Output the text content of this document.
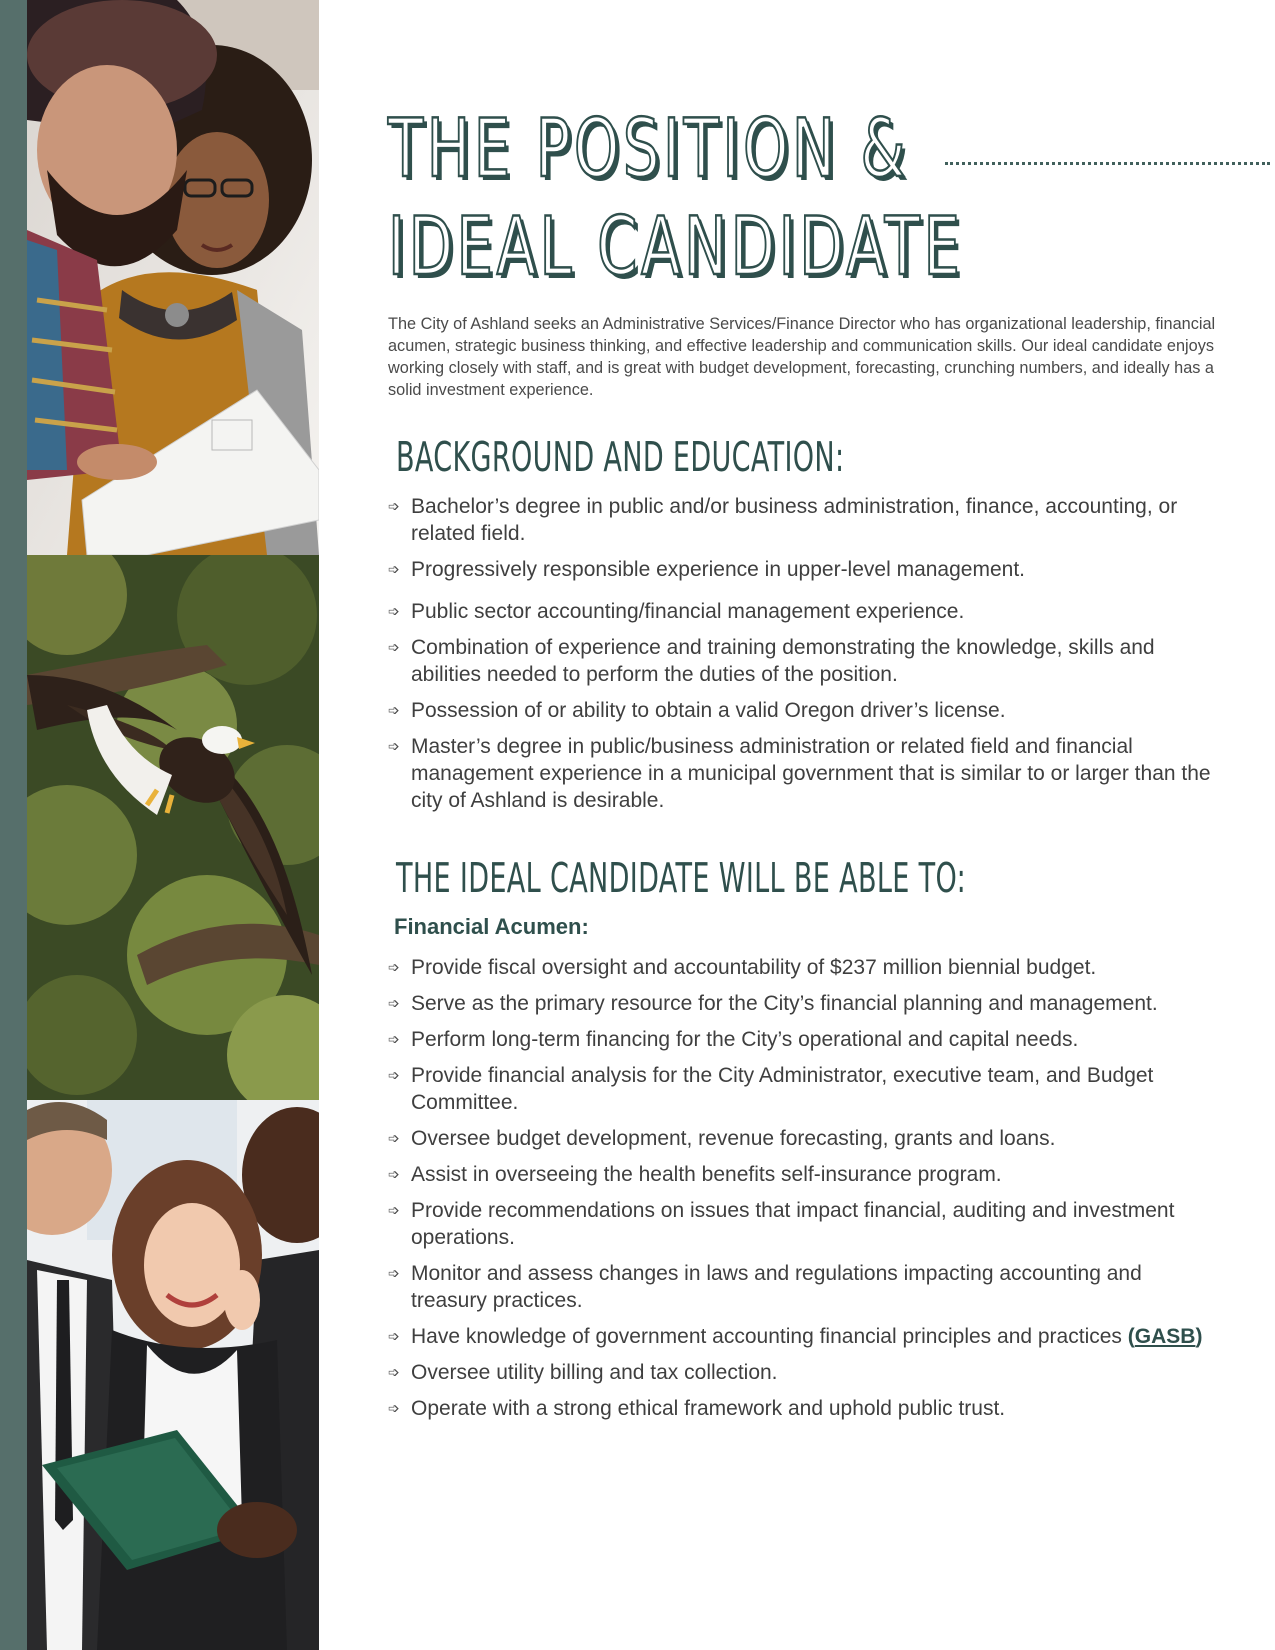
THE POSITION &
IDEAL CANDIDATE

The City of Ashland seeks an Administrative Services/Finance Director who has organizational leadership, financial acumen, strategic business thinking, and effective leadership and communication skills. Our ideal candidate enjoys working closely with staff, and is great with budget development, forecasting, crunching numbers, and ideally has a solid investment experience.

BACKGROUND AND EDUCATION:
➩ Bachelor’s degree in public and/or business administration, finance, accounting, or related field.
➩ Progressively responsible experience in upper-level management.
➩ Public sector accounting/financial management experience.
➩ Combination of experience and training demonstrating the knowledge, skills and abilities needed to perform the duties of the position.
➩ Possession of or ability to obtain a valid Oregon driver’s license.
➩ Master’s degree in public/business administration or related field and financial management experience in a municipal government that is similar to or larger than the city of Ashland is desirable.
THE IDEAL CANDIDATE WILL BE ABLE TO:
Financial Acumen:
➩ Provide fiscal oversight and accountability of $237 million biennial budget.
➩ Serve as the primary resource for the City’s financial planning and management.
➩ Perform long-term financing for the City’s operational and capital needs.
➩ Provide financial analysis for the City Administrator, executive team, and Budget Committee.
➩ Oversee budget development, revenue forecasting, grants and loans.
➩ Assist in overseeing the health benefits self-insurance program.
➩ Provide recommendations on issues that impact financial, auditing and investment operations.
➩ Monitor and assess changes in laws and regulations impacting accounting and treasury practices.
➩ Have knowledge of government accounting financial principles and practices (GASB)
➩ Oversee utility billing and tax collection.
➩ Operate with a strong ethical framework and uphold public trust.
